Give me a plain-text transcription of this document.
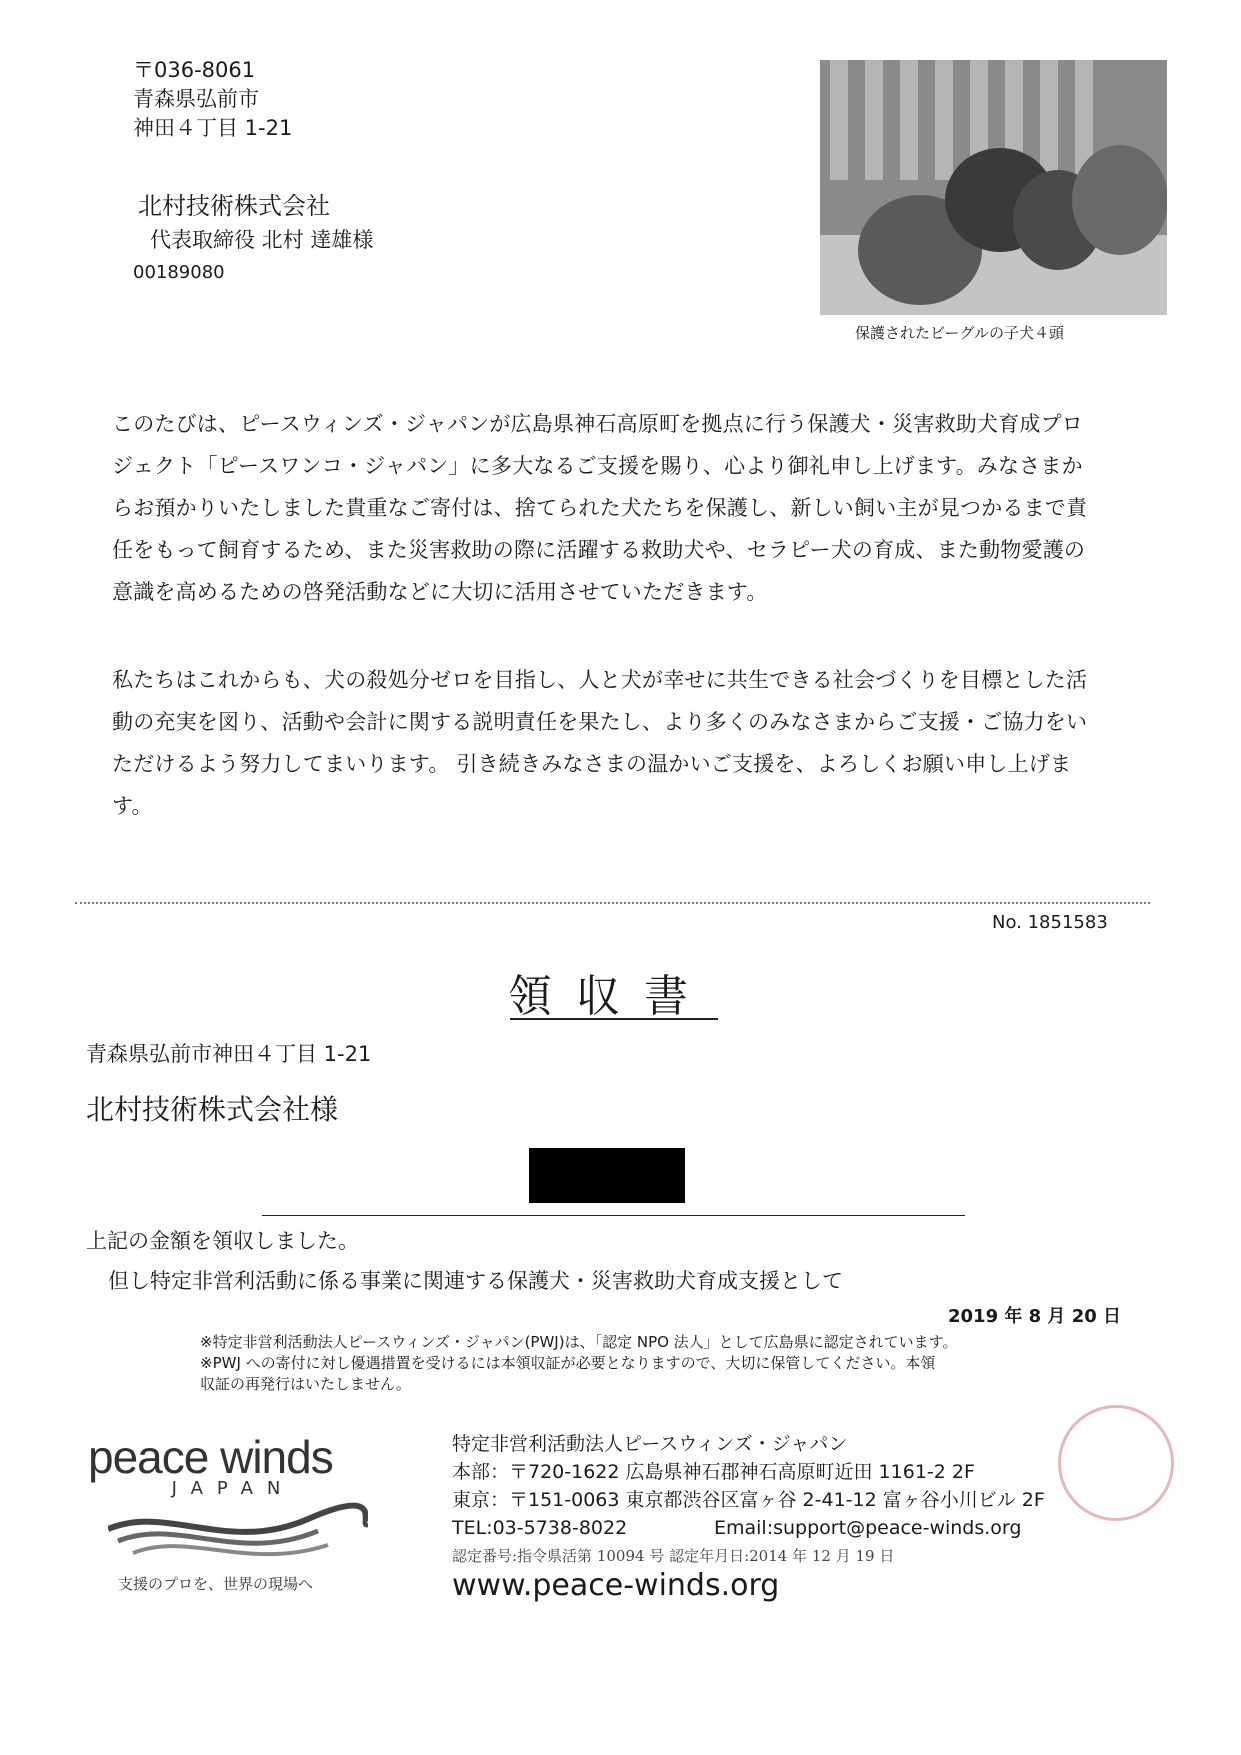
〒036-8061
青森県弘前市
神田４丁目 1-21
北村技術株式会社
代表取締役 北村 達雄様
00189080
保護されたビーグルの子犬４頭
このたびは、ピースウィンズ・ジャパンが広島県神石高原町を拠点に行う保護犬・災害救助犬育成プロ
ジェクト「ピースワンコ・ジャパン」に多大なるご支援を賜り、心より御礼申し上げます。みなさまか
らお預かりいたしました貴重なご寄付は、捨てられた犬たちを保護し、新しい飼い主が見つかるまで責
任をもって飼育するため、また災害救助の際に活躍する救助犬や、セラピー犬の育成、また動物愛護の
意識を高めるための啓発活動などに大切に活用させていただきます。
私たちはこれからも、犬の殺処分ゼロを目指し、人と犬が幸せに共生できる社会づくりを目標とした活
動の充実を図り、活動や会計に関する説明責任を果たし、より多くのみなさまからご支援・ご協力をい
ただけるよう努力してまいります。 引き続きみなさまの温かいご支援を、よろしくお願い申し上げま
す。
No. 1851583
領収書
青森県弘前市神田４丁目 1-21
北村技術株式会社様
上記の金額を領収しました。
但し特定非営利活動に係る事業に関連する保護犬・災害救助犬育成支援として
2019 年 8 月 20 日
※特定非営利活動法人ピースウィンズ・ジャパン(PWJ)は、「認定 NPO 法人」として広島県に認定されています。
※PWJ への寄付に対し優遇措置を受けるには本領収証が必要となりますので、大切に保管してください。本領
収証の再発行はいたしません。
peace winds
JAPAN
支援のプロを、世界の現場へ
特定非営利活動法人ピースウィンズ・ジャパン
本部：〒720-1622 広島県神石郡神石高原町近田 1161-2 2F
東京：〒151-0063 東京都渋谷区富ヶ谷 2-41-12 富ヶ谷小川ビル 2F
TEL:03-5738-8022	Email:support@peace-winds.org
認定番号:指令県活第 10094 号 認定年月日:2014 年 12 月 19 日
www.peace-winds.org
